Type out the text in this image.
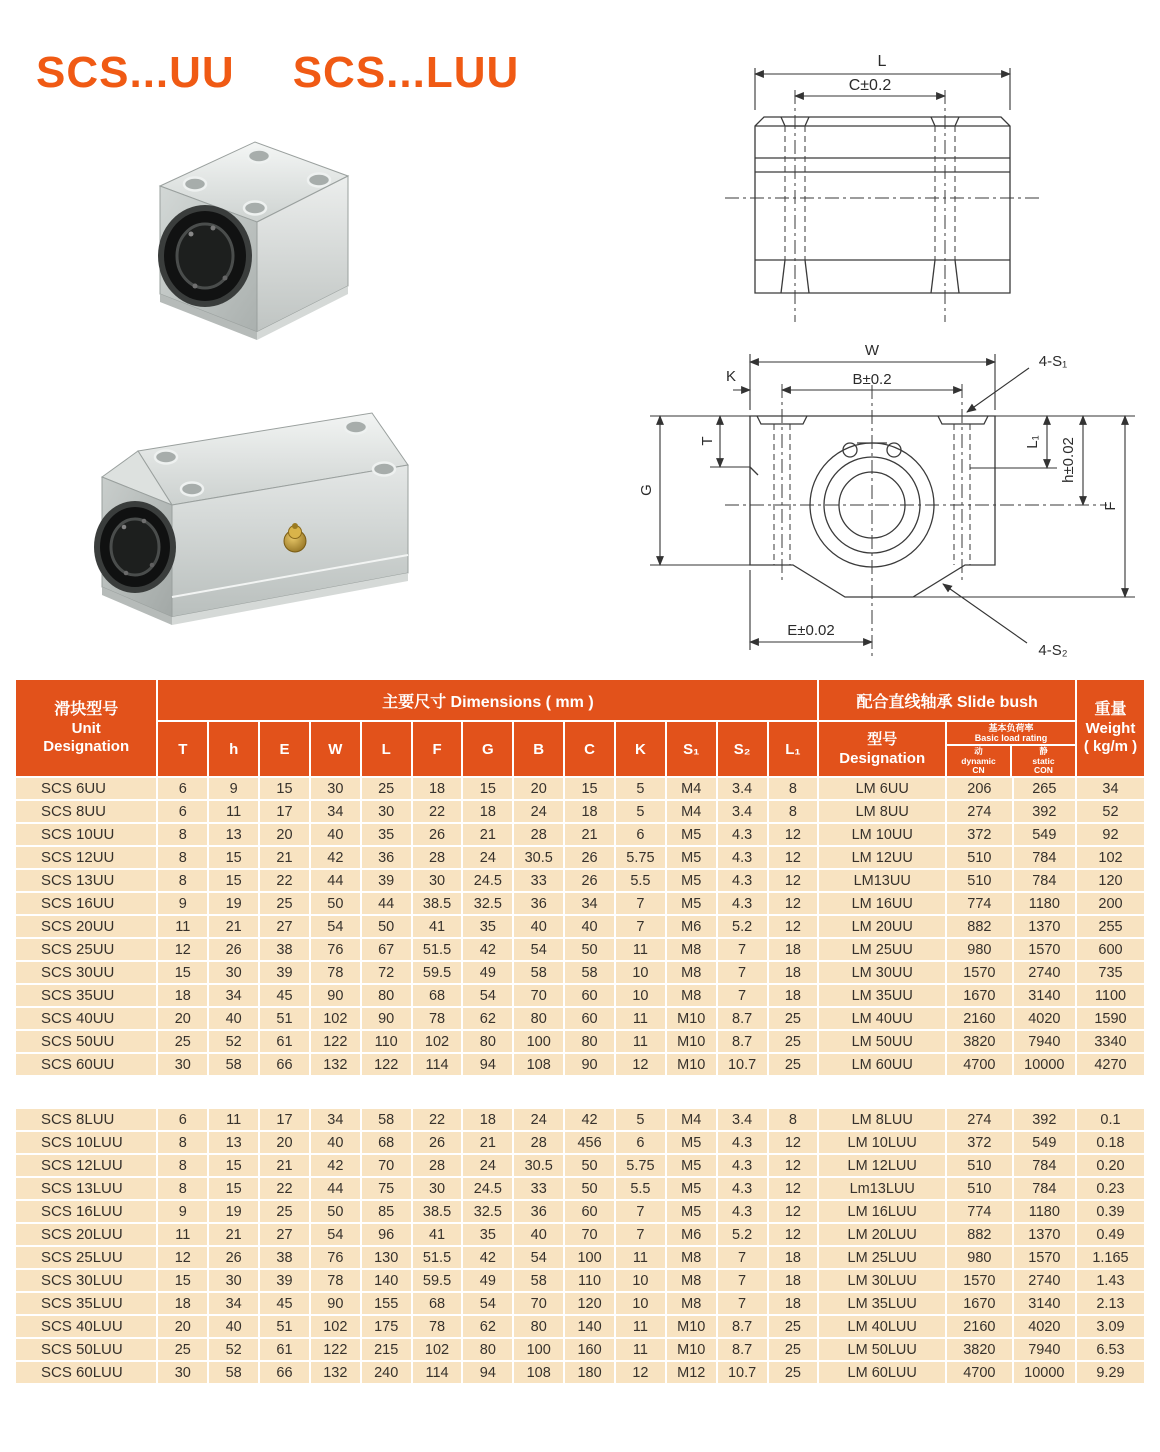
SCS...UU SCS...LUU	L
C±0.2
W
B±0.2
K
T
G
L₁ h±0.02
F
E±0.02
4-S₁
4-S₂
滑块型号
Unit
Designation
	主要尺寸 Dimensions ( mm )	配合直线轴承 Slide bush	重量
Weight
( kg/m )

T	h	E	W	L	F	G	B	C	K	S₁	S₂	L₁	
型号
Designation

基本负荷率
Basic load rating
动
dynamic
CN
静
static
CON

SCS 6UU	6	9	15	30	25	18	15	20	15	5	M4	3.4	8	LM 6UU	206	265	34
SCS 8UU	6	11	17	34	30	22	18	24	18	5	M4	3.4	8	LM 8UU	274	392	52
SCS 10UU	8	13	20	40	35	26	21	28	21	6	M5	4.3	12	LM 10UU	372	549	92
SCS 12UU	8	15	21	42	36	28	24	30.5	26	5.75	M5	4.3	12	LM 12UU	510	784	102
SCS 13UU	8	15	22	44	39	30	24.5	33	26	5.5	M5	4.3	12	LM13UU	510	784	120
SCS 16UU	9	19	25	50	44	38.5	32.5	36	34	7	M5	4.3	12	LM 16UU	774	1180	200
SCS 20UU	11	21	27	54	50	41	35	40	40	7	M6	5.2	12	LM 20UU	882	1370	255
SCS 25UU	12	26	38	76	67	51.5	42	54	50	11	M8	7	18	LM 25UU	980	1570	600
SCS 30UU	15	30	39	78	72	59.5	49	58	58	10	M8	7	18	LM 30UU	1570	2740	735
SCS 35UU	18	34	45	90	80	68	54	70	60	10	M8	7	18	LM 35UU	1670	3140	1100
SCS 40UU	20	40	51	102	90	78	62	80	60	11	M10	8.7	25	LM 40UU	2160	4020	1590
SCS 50UU	25	52	61	122	110	102	80	100	80	11	M10	8.7	25	LM 50UU	3820	7940	3340
SCS 60UU	30	58	66	132	122	114	94	108	90	12	M10	10.7	25	LM 60UU	4700	10000	4270
SCS 8LUU	6	11	17	34	58	22	18	24	42	5	M4	3.4	8	LM 8LUU	274	392	0.1
SCS 10LUU	8	13	20	40	68	26	21	28	456	6	M5	4.3	12	LM 10LUU	372	549	0.18
SCS 12LUU	8	15	21	42	70	28	24	30.5	50	5.75	M5	4.3	12	LM 12LUU	510	784	0.20
SCS 13LUU	8	15	22	44	75	30	24.5	33	50	5.5	M5	4.3	12	Lm13LUU	510	784	0.23
SCS 16LUU	9	19	25	50	85	38.5	32.5	36	60	7	M5	4.3	12	LM 16LUU	774	1180	0.39
SCS 20LUU	11	21	27	54	96	41	35	40	70	7	M6	5.2	12	LM 20LUU	882	1370	0.49
SCS 25LUU	12	26	38	76	130	51.5	42	54	100	11	M8	7	18	LM 25LUU	980	1570	1.165
SCS 30LUU	15	30	39	78	140	59.5	49	58	110	10	M8	7	18	LM 30LUU	1570	2740	1.43
SCS 35LUU	18	34	45	90	155	68	54	70	120	10	M8	7	18	LM 35LUU	1670	3140	2.13
SCS 40LUU	20	40	51	102	175	78	62	80	140	11	M10	8.7	25	LM 40LUU	2160	4020	3.09
SCS 50LUU	25	52	61	122	215	102	80	100	160	11	M10	8.7	25	LM 50LUU	3820	7940	6.53
SCS 60LUU	30	58	66	132	240	114	94	108	180	12	M12	10.7	25	LM 60LUU	4700	10000	9.29
